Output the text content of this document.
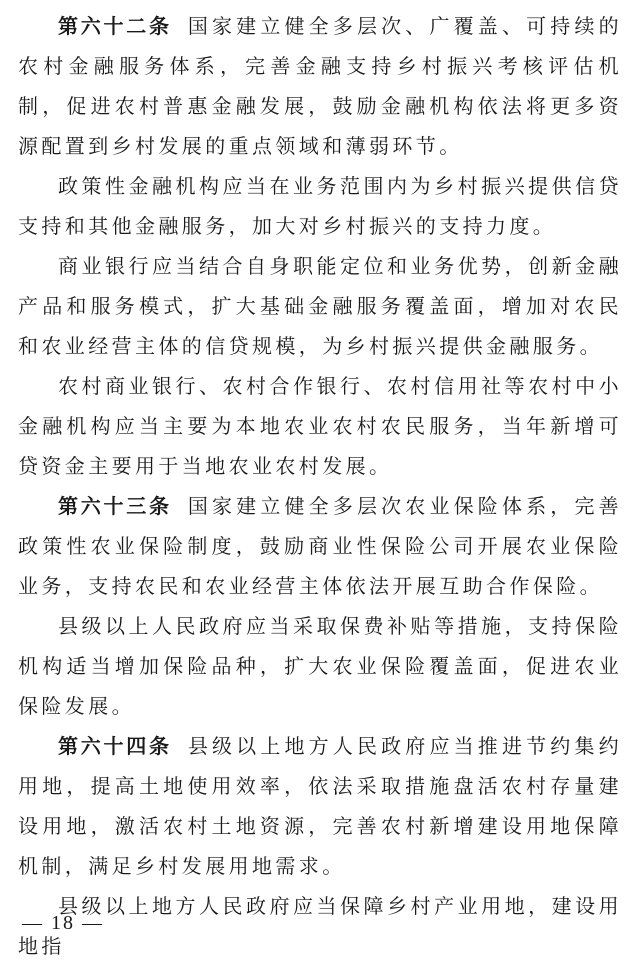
第六十二条 国家建立健全多层次、广覆盖、可持续的农村金融服务体系，完善金融支持乡村振兴考核评估机制，促进农村普惠金融发展，鼓励金融机构依法将更多资源配置到乡村发展的重点领域和薄弱环节。

政策性金融机构应当在业务范围内为乡村振兴提供信贷支持和其他金融服务，加大对乡村振兴的支持力度。

商业银行应当结合自身职能定位和业务优势，创新金融产品和服务模式，扩大基础金融服务覆盖面，增加对农民和农业经营主体的信贷规模，为乡村振兴提供金融服务。

农村商业银行、农村合作银行、农村信用社等农村中小金融机构应当主要为本地农业农村农民服务，当年新增可贷资金主要用于当地农业农村发展。

第六十三条 国家建立健全多层次农业保险体系，完善政策性农业保险制度，鼓励商业性保险公司开展农业保险业务，支持农民和农业经营主体依法开展互助合作保险。

县级以上人民政府应当采取保费补贴等措施，支持保险机构适当增加保险品种，扩大农业保险覆盖面，促进农业保险发展。

第六十四条 县级以上地方人民政府应当推进节约集约用地，提高土地使用效率，依法采取措施盘活农村存量建设用地，激活农村土地资源，完善农村新增建设用地保障机制，满足乡村发展用地需求。

县级以上地方人民政府应当保障乡村产业用地，建设用地指

— 18 —
